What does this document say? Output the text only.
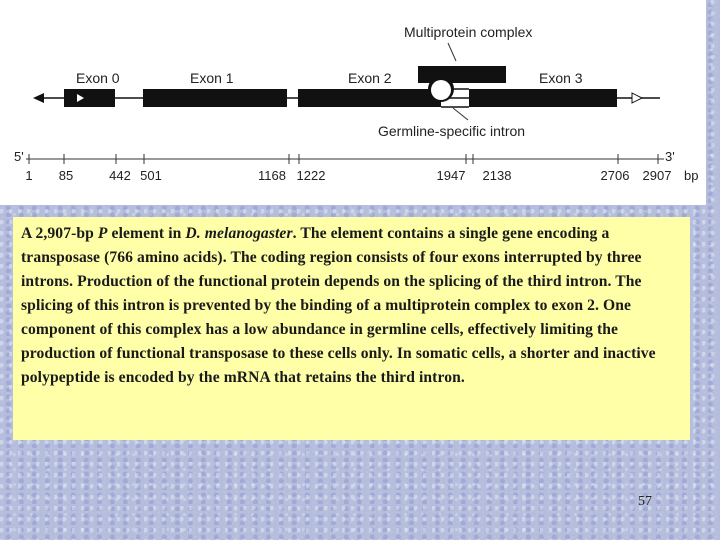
Multiprotein complex
Exon 0	Exon 1	Exon 2	Exon 3
Germline-specific intron
5'	3'
1 85	442 501	1168 1222	1947 2138	2706 2907 bp
A 2,907-bp P element in D. melanogaster. The element contains a single gene encoding a transposase (766 amino acids). The coding region consists of four exons interrupted by three introns. Production of the functional protein depends on the splicing of the third intron. The splicing of this intron is prevented by the binding of a multiprotein complex to exon 2. One component of this complex has a low abundance in germline cells, effectively limiting the production of functional transposase to these cells only. In somatic cells, a shorter and inactive polypeptide is encoded by the mRNA that retains the third intron.
57
